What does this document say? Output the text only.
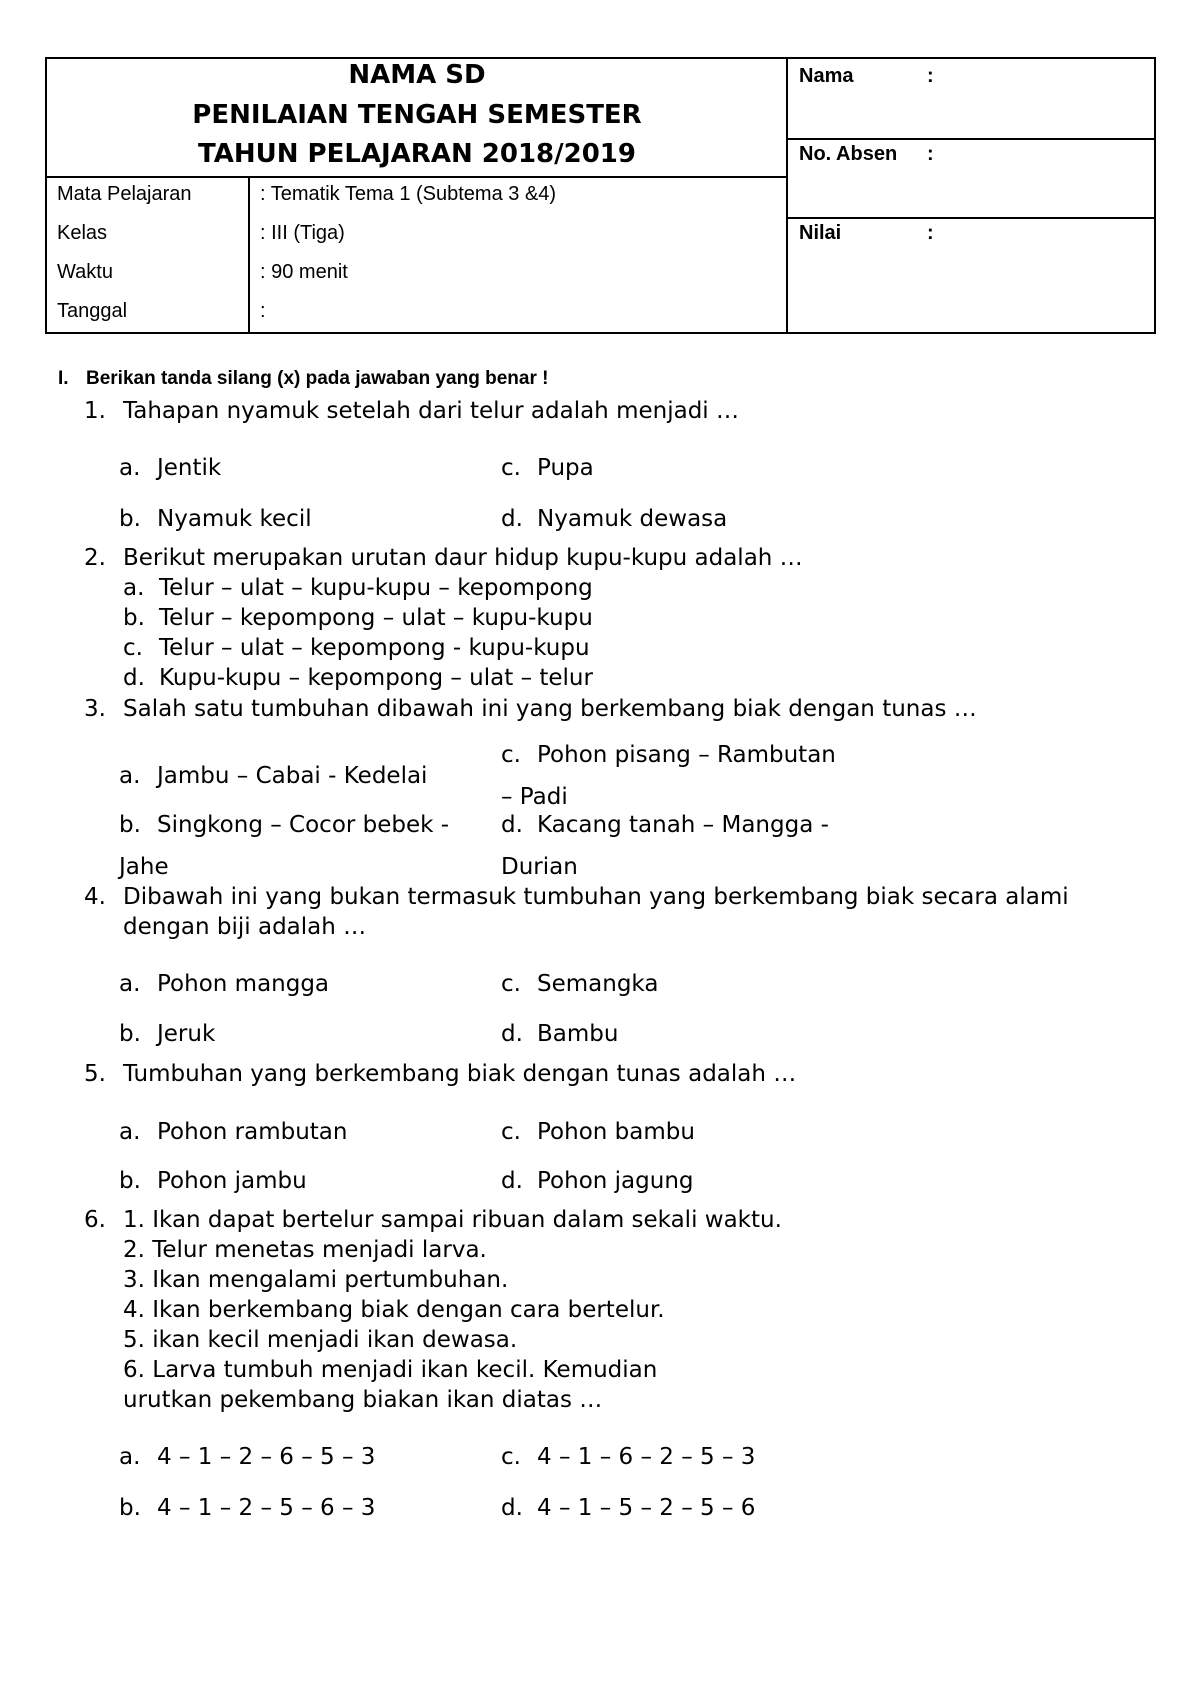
NAMA SD
PENILAIAN TENGAH SEMESTER
TAHUN PELAJARAN 2018/2019
Mata Pelajaran	: Tematik Tema 1 (Subtema 3 &4)
Kelas	: III (Tiga)
Waktu	: 90 menit
Tanggal	:
Nama	:
No. Absen :
Nilai	:
I. Berikan tanda silang (x) pada jawaban yang benar !
1. Tahapan nyamuk setelah dari telur adalah menjadi …
a. Jentik
b. Nyamuk kecil
c. Pupa
d. Nyamuk dewasa
2. Berikut merupakan urutan daur hidup kupu-kupu adalah …
a. Telur – ulat – kupu-kupu – kepompong
b. Telur – kepompong – ulat – kupu-kupu
c. Telur – ulat – kepompong - kupu-kupu
d. Kupu-kupu – kepompong – ulat – telur
3. Salah satu tumbuhan dibawah ini yang berkembang biak dengan tunas …
a. Jambu – Cabai - Kedelai
b. Singkong – Cocor bebek -
Jahe
c. Pohon pisang – Rambutan
– Padi
d. Kacang tanah – Mangga -
Durian
4. Dibawah ini yang bukan termasuk tumbuhan yang berkembang biak secara alami
dengan biji adalah …
a. Pohon mangga
b. Jeruk
c. Semangka
d. Bambu
5. Tumbuhan yang berkembang biak dengan tunas adalah …
a. Pohon rambutan
b. Pohon jambu
c. Pohon bambu
d. Pohon jagung
6. 1. Ikan dapat bertelur sampai ribuan dalam sekali waktu.
2. Telur menetas menjadi larva.
3. Ikan mengalami pertumbuhan.
4. Ikan berkembang biak dengan cara bertelur.
5. ikan kecil menjadi ikan dewasa.
6. Larva tumbuh menjadi ikan kecil. Kemudian
urutkan pekembang biakan ikan diatas …
a. 4 – 1 – 2 – 6 – 5 – 3
b. 4 – 1 – 2 – 5 – 6 – 3
c. 4 – 1 – 6 – 2 – 5 – 3
d. 4 – 1 – 5 – 2 – 5 – 6
